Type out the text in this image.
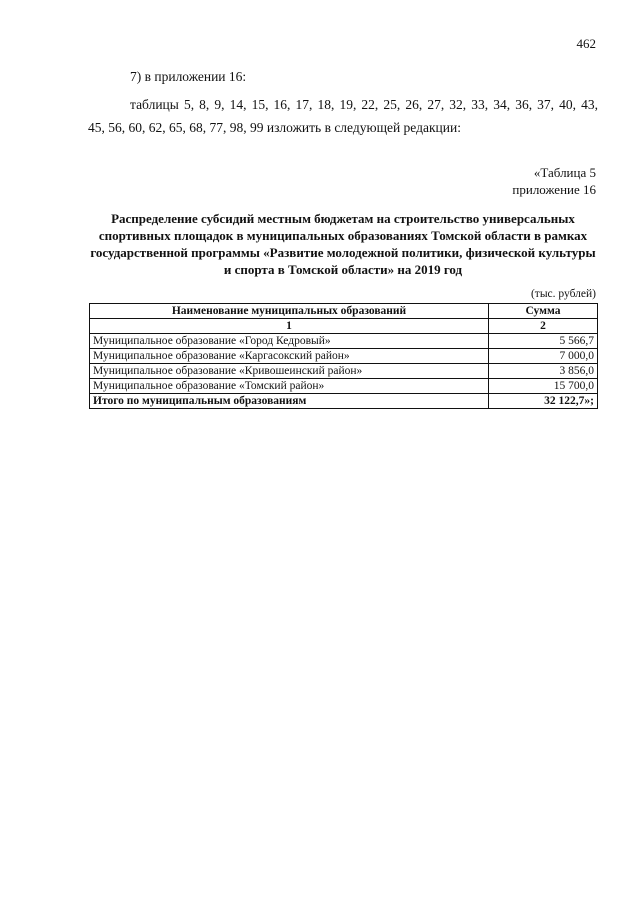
462
7) в приложении 16:
таблицы 5, 8, 9, 14, 15, 16, 17, 18, 19, 22, 25, 26, 27, 32, 33, 34, 36, 37, 40, 43,
45, 56, 60, 62, 65, 68, 77, 98, 99 изложить в следующей редакции:
«Таблица 5
приложение 16
Распределение субсидий местным бюджетам на строительство универсальных спортивных площадок в муниципальных образованиях Томской области в рамках государственной программы «Развитие молодежной политики, физической культуры и спорта в Томской области» на 2019 год
(тыс. рублей)
Наименование муниципальных образований	Сумма
1	2
Муниципальное образование «Город Кедровый»	5 566,7
Муниципальное образование «Каргасокский район»	7 000,0
Муниципальное образование «Кривошеинский район»	3 856,0
Муниципальное образование «Томский район»	15 700,0
Итого по муниципальным образованиям	32 122,7»;
